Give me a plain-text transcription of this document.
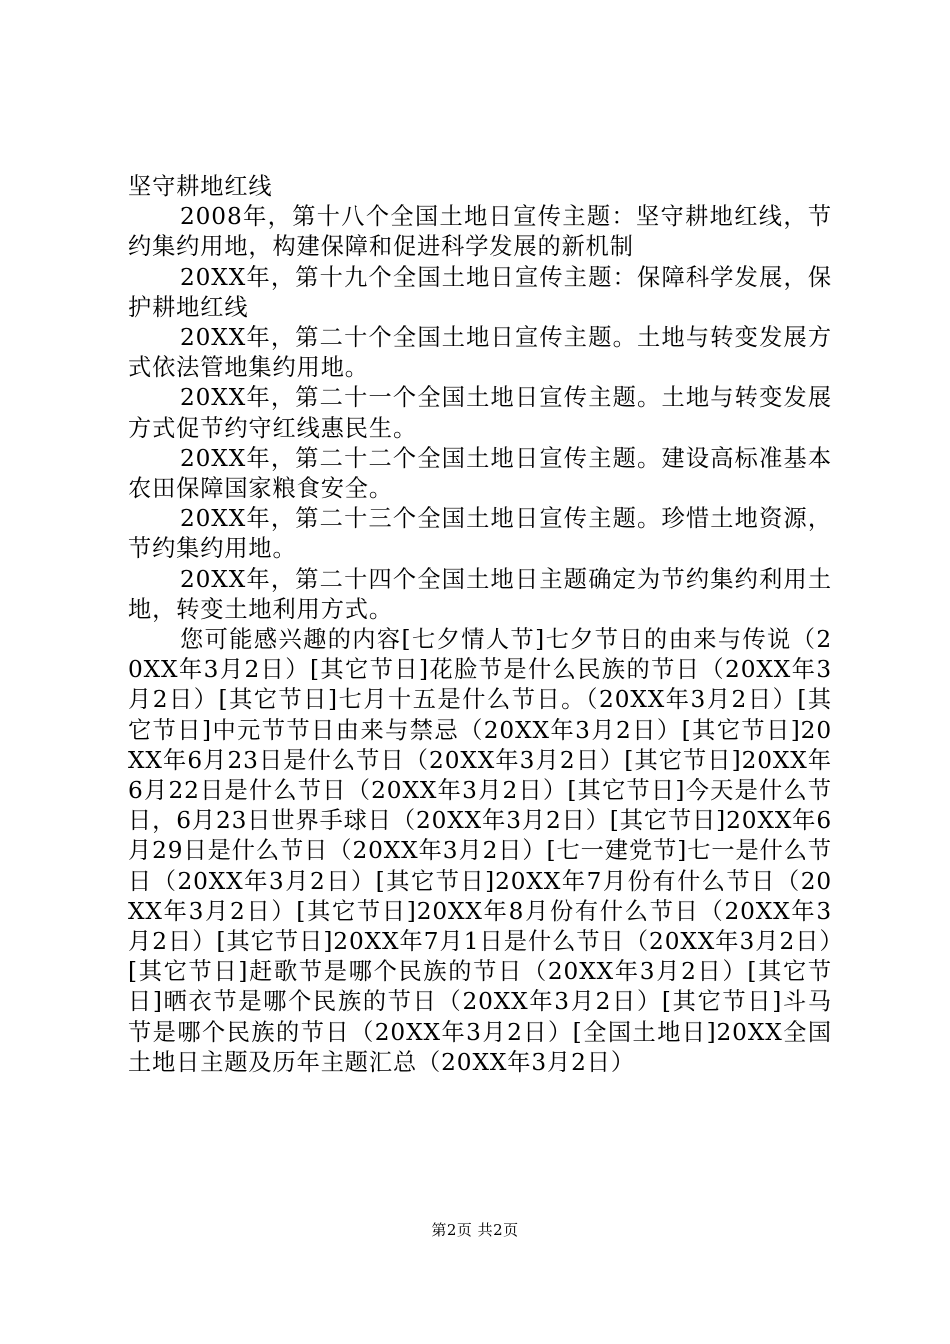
坚守耕地红线

2008年，第十八个全国土地日宣传主题：坚守耕地红线，节约集约用地，构建保障和促进科学发展的新机制

20XX年，第十九个全国土地日宣传主题：保障科学发展，保护耕地红线

20XX年，第二十个全国土地日宣传主题。土地与转变发展方式依法管地集约用地。

20XX年，第二十一个全国土地日宣传主题。土地与转变发展方式促节约守红线惠民生。

20XX年，第二十二个全国土地日宣传主题。建设高标准基本农田保障国家粮食安全。

20XX年，第二十三个全国土地日宣传主题。珍惜土地资源，节约集约用地。

20XX年，第二十四个全国土地日主题确定为节约集约利用土地，转变土地利用方式。

您可能感兴趣的内容[七夕情人节]七夕节日的由来与传说（20XX年3月2日）[其它节日]花脸节是什么民族的节日（20XX年3月2日）[其它节日]七月十五是什么节日。（20XX年3月2日）[其它节日]中元节节日由来与禁忌（20XX年3月2日）[其它节日]20XX年6月23日是什么节日（20XX年3月2日）[其它节日]20XX年6月22日是什么节日（20XX年3月2日）[其它节日]今天是什么节日，6月23日世界手球日（20XX年3月2日）[其它节日]20XX年6月29日是什么节日（20XX年3月2日）[七一建党节]七一是什么节日（20XX年3月2日）[其它节日]20XX年7月份有什么节日（20XX年3月2日）[其它节日]20XX年8月份有什么节日（20XX年3月2日）[其它节日]20XX年7月1日是什么节日（20XX年3月2日）[其它节日]赶歌节是哪个民族的节日（20XX年3月2日）[其它节日]晒衣节是哪个民族的节日（20XX年3月2日）[其它节日]斗马节是哪个民族的节日（20XX年3月2日）[全国土地日]20XX全国土地日主题及历年主题汇总（20XX年3月2日）

第2页 共2页
